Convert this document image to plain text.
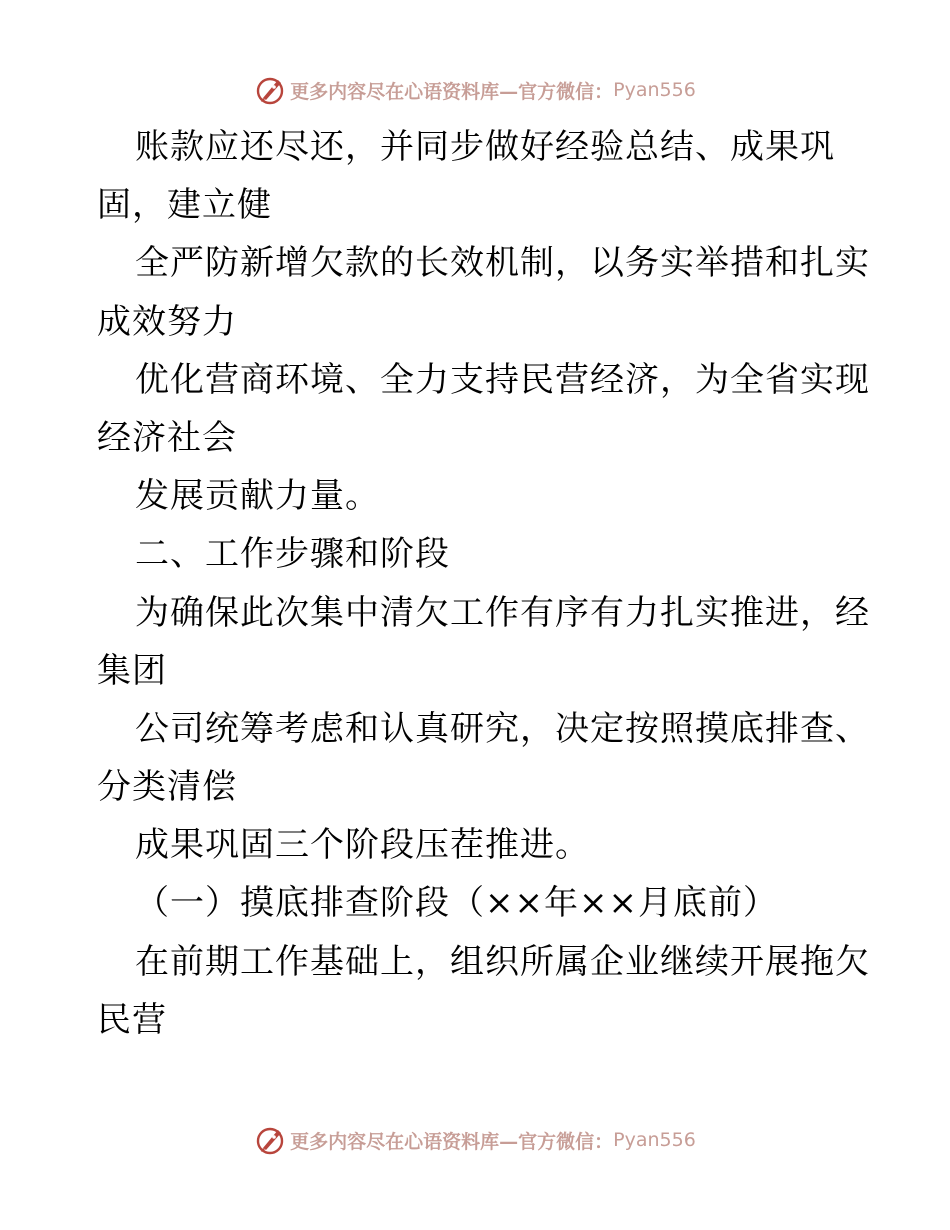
更多内容尽在心语资料库—官方微信： Pyan556
账款应还尽还，并同步做好经验总结、成果巩
固，建立健
全严防新增欠款的长效机制，以务实举措和扎实
成效努力
优化营商环境、全力支持民营经济，为全省实现
经济社会
发展贡献力量。
二、工作步骤和阶段
为确保此次集中清欠工作有序有力扎实推进，经
集团
公司统筹考虑和认真研究，决定按照摸底排查、
分类清偿
成果巩固三个阶段压茬推进。
（一）摸底排查阶段（××年××月底前）
在前期工作基础上，组织所属企业继续开展拖欠
民营
更多内容尽在心语资料库—官方微信： Pyan556
